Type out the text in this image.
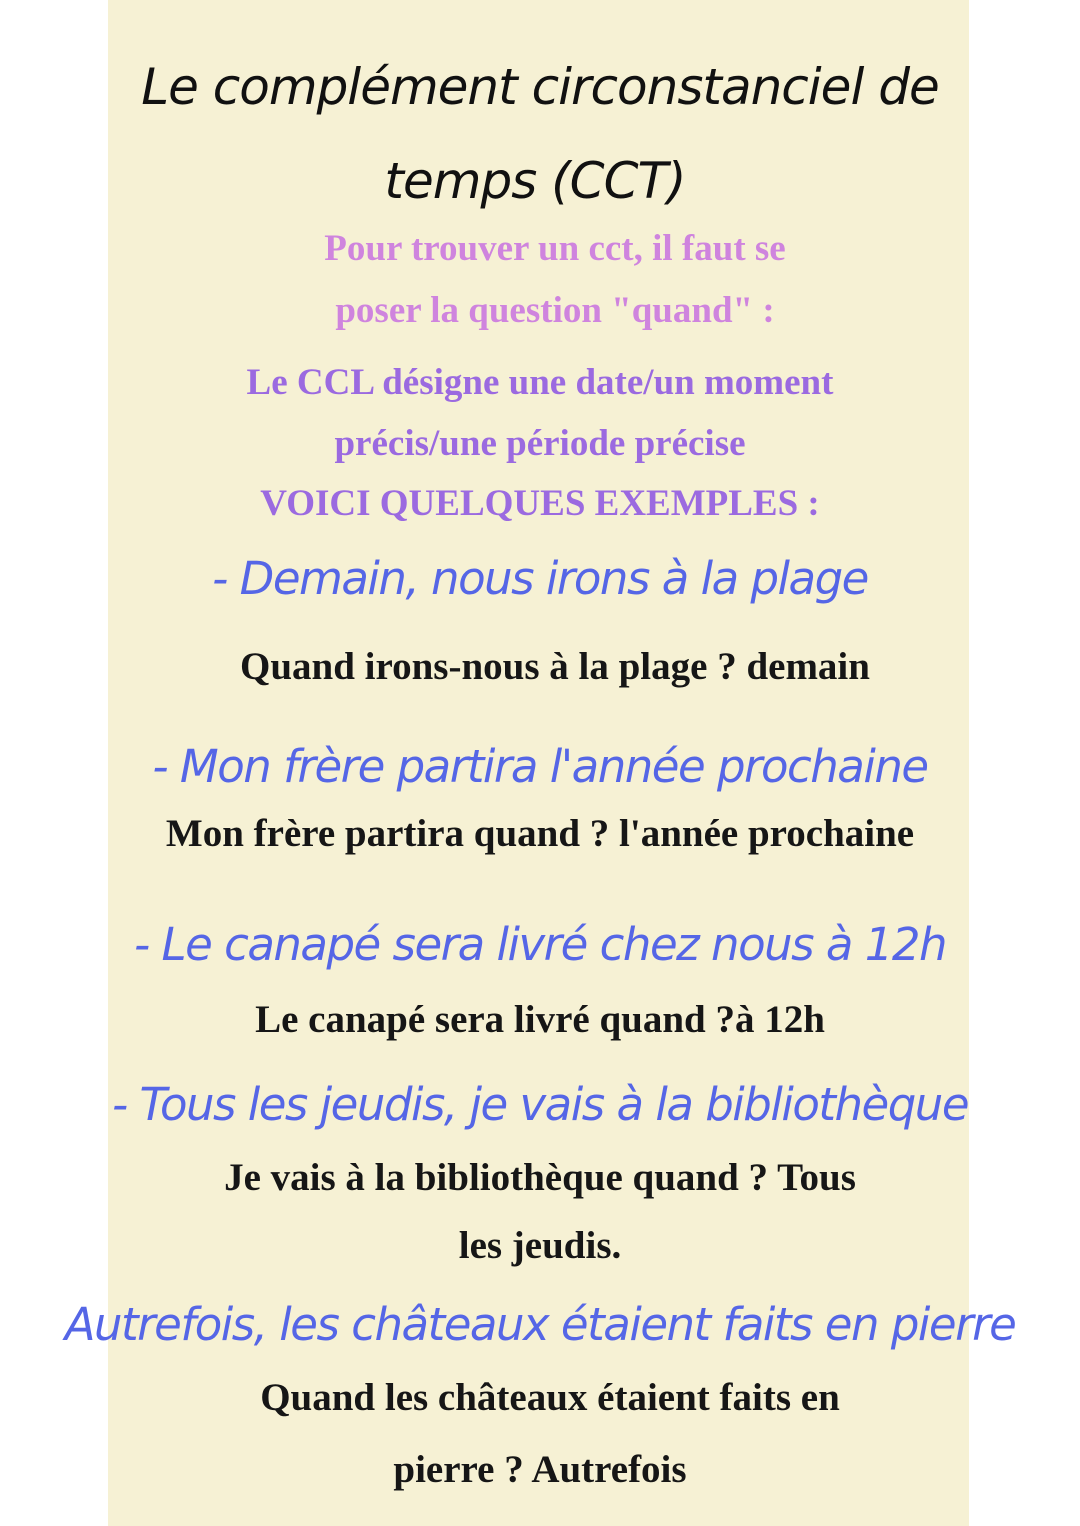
Le complément circonstanciel de
temps (CCT)
Pour trouver un cct, il faut se
poser la question "quand" :
Le CCL désigne une date/un moment
précis/une période précise
VOICI QUELQUES EXEMPLES :
- Demain, nous irons à la plage
Quand irons-nous à la plage ? demain
- Mon frère partira l'année prochaine
Mon frère partira quand ? l'année prochaine
- Le canapé sera livré chez nous à 12h
Le canapé sera livré quand ?à 12h
- Tous les jeudis, je vais à la bibliothèque
Je vais à la bibliothèque quand ? Tous
les jeudis.
Autrefois, les châteaux étaient faits en pierre
Quand les châteaux étaient faits en
pierre ? Autrefois
